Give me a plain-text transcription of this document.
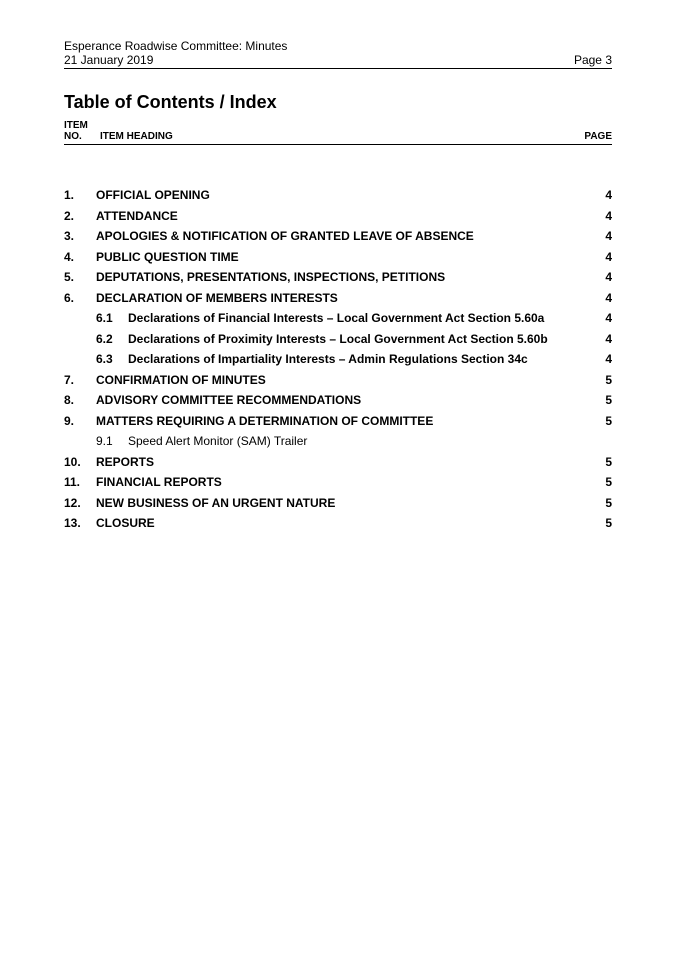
Esperance Roadwise Committee: Minutes
21 January 2019	Page 3
Table of Contents / Index
ITEM
NO.	ITEM HEADING	PAGE
1. OFFICIAL OPENING	4
2. ATTENDANCE	4
3. APOLOGIES & NOTIFICATION OF GRANTED LEAVE OF ABSENCE	4
4. PUBLIC QUESTION TIME	4
5. DEPUTATIONS, PRESENTATIONS, INSPECTIONS, PETITIONS	4
6. DECLARATION OF MEMBERS INTERESTS	4
6.1 Declarations of Financial Interests – Local Government Act Section 5.60a	4
6.2 Declarations of Proximity Interests – Local Government Act Section 5.60b	4
6.3 Declarations of Impartiality Interests – Admin Regulations Section 34c	4
7. CONFIRMATION OF MINUTES	5
8. ADVISORY COMMITTEE RECOMMENDATIONS	5
9. MATTERS REQUIRING A DETERMINATION OF COMMITTEE	5
9.1 Speed Alert Monitor (SAM) Trailer
10. REPORTS	5
11. FINANCIAL REPORTS	5
12. NEW BUSINESS OF AN URGENT NATURE	5
13. CLOSURE	5
